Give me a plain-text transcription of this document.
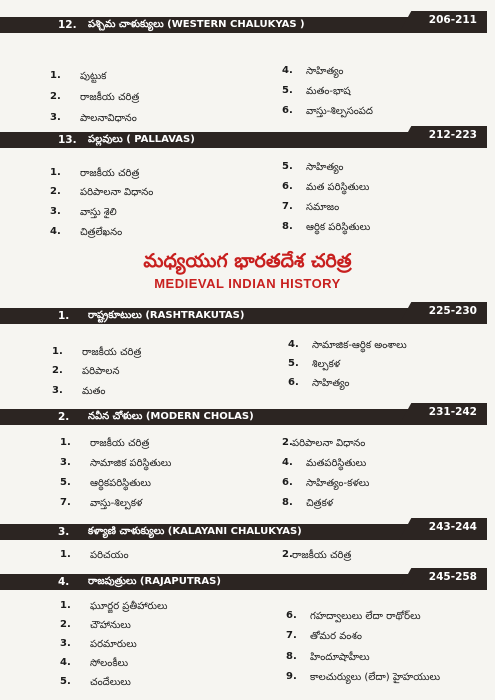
12. పశ్చిమ చాళుక్యులు (WESTERN CHALUKYAS )	206-211
1. పుట్టుక
2. రాజకీయ చరిత్ర
3. పాలనావిధానం
4. సాహిత్యం
5. మతం-భాష
6. వాస్తు-శిల్పసంపద
13. పల్లవులు ( PALLAVAS)	212-223
1. రాజకీయ చరిత్ర
2. పరిపాలనా విధానం
3. వాస్తు శైలి
4. చిత్రలేఖనం
5. సాహిత్యం
6. మత పరిస్థితులు
7. సమాజం
8. ఆర్థిక పరిస్థితులు
మధ్యయుగ భారతదేశ చరిత్ర
MEDIEVAL INDIAN HISTORY
1. రాష్ట్రకూటులు (RASHTRAKUTAS)	225-230
1. రాజకీయ చరిత్ర
2. పరిపాలన
3. మతం
4. సామాజిక-ఆర్థిక అంశాలు
5. శిల్పకళ
6. సాహిత్యం
2. నవీన చోళులు (MODERN CHOLAS)	231-242
1. రాజకీయ చరిత్ర
3. సామాజిక పరిస్థితులు
5. ఆర్థికపరిస్థితులు
7. వాస్తు-శిల్పకళ
2. పరిపాలనా విధానం
4. మతపరిస్థితులు
6. సాహిత్యం-కళలు
8. చిత్రకళ
3. కళ్యాణి చాళుక్యులు (KALAYANI CHALUKYAS)	243-244
1. పరిచయం	2. రాజకీయ చరిత్ర
4. రాజపుత్రులు (RAJAPUTRAS)	245-258
1. ఘూర్జర ప్రతీహారులు
2. చౌహానులు
3. పరమారులు
4. సోలంకీలు
5. చందేలులు
6. గహద్వాలులు లేదా రాథోర్‌లు
7. తోమర వంశం
8. హిందూషాహీలు
9. కాలచుర్యులు (లేదా) హైహయులు
